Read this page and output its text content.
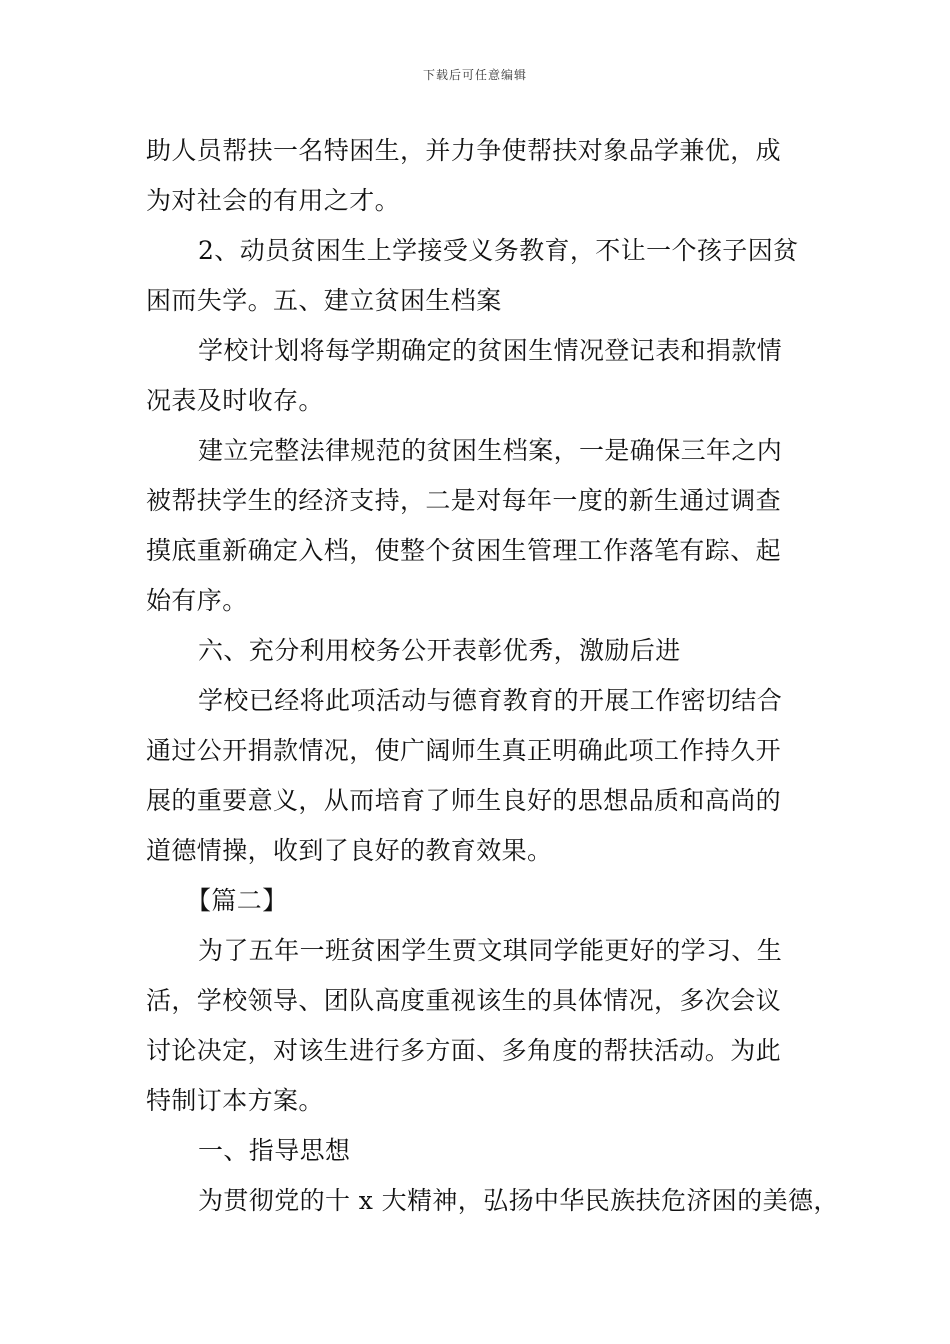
下载后可任意编辑
助人员帮扶一名特困生，并力争使帮扶对象品学兼优，成
为对社会的有用之才。
2、动员贫困生上学接受义务教育，不让一个孩子因贫
困而失学。五、建立贫困生档案
学校计划将每学期确定的贫困生情况登记表和捐款情
况表及时收存。
建立完整法律规范的贫困生档案，一是确保三年之内
被帮扶学生的经济支持，二是对每年一度的新生通过调查
摸底重新确定入档，使整个贫困生管理工作落笔有踪、起
始有序。
六、充分利用校务公开表彰优秀，激励后进
学校已经将此项活动与德育教育的开展工作密切结合
通过公开捐款情况，使广阔师生真正明确此项工作持久开
展的重要意义，从而培育了师生良好的思想品质和高尚的
道德情操，收到了良好的教育效果。
【篇二】
为了五年一班贫困学生贾文琪同学能更好的学习、生
活，学校领导、团队高度重视该生的具体情况，多次会议
讨论决定，对该生进行多方面、多角度的帮扶活动。为此
特制订本方案。
一、指导思想
为贯彻党的十 x 大精神，弘扬中华民族扶危济困的美德，
